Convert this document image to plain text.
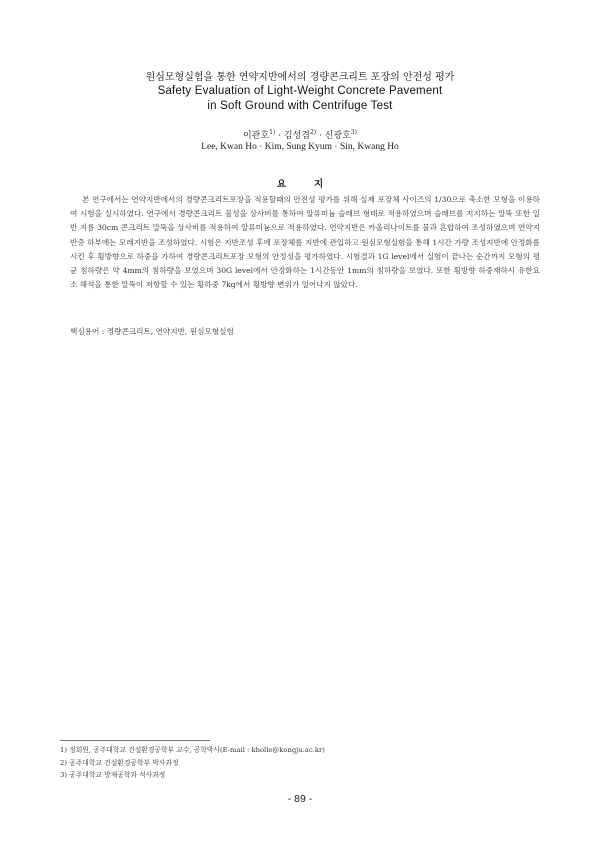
원심모형실험을 통한 연약지반에서의 경량콘크리트 포장의 안전성 평가
Safety Evaluation of Light-Weight Concrete Pavement
in Soft Ground with Centrifuge Test
이관호$^{1)}$ · 김성겸$^{2)}$ · 신광호$^{3)}$
Lee, Kwan Ho · Kim, Sung Kyum · Sin, Kwang Ho
요지

본 연구에서는 연약지반에서의 경량콘크리트포장을 적용할때의 안전성 평가를 위해 실제 포장체 사이즈의 1/30으로 축소한 모형을 이용하여 시험을 실시하였다. 연구에서 경량콘크리트 물성을 상사비를 통하여 알류미늄 슬래브 형태로 적용하였으며 슬래브를 지지하는 말뚝 또한 일반 지름 30cm 콘크리트 말뚝을 상사비를 적용하여 알류미늄으로 적용하였다. 연약지반은 카올리나이트를 물과 혼합하여 조성하였으며 연약지반층 하부에는 모래지반을 조성하였다. 시험은 지반조성 후에 포장체를 지반에 관입하고 원심모형실험을 통해 1시간 가량 조성지반에 안정화를 시킨 후 횡방향으로 하중을 가하여 경량콘크리트포장 모형의 안정성을 평가하였다. 시험결과 1G level에서 실험이 끝나는 순간까지 모형의 평균 침하량은 약 4mm의 침하량을 보였으며 30G level에서 안정화하는 1시간동안 1mm의 침하량을 보였다. 또한 횡방향 하중재하시 유한요소 해석을 통한 말뚝이 저항할 수 있는 횡하중 7kg에서 횡방향 변위가 일어나지 않았다.

핵심용어 : 경량콘크리트, 연약지반, 원심모형실험
1) 정회원, 공주대학교 건설환경공학부 교수, 공학박사(E-mail : kholle@kongju.ac.kr)
2) 공주대학교 건설환경공학부 박사과정
3) 공주대학교 방재공학과 석사과정
- 89 -
